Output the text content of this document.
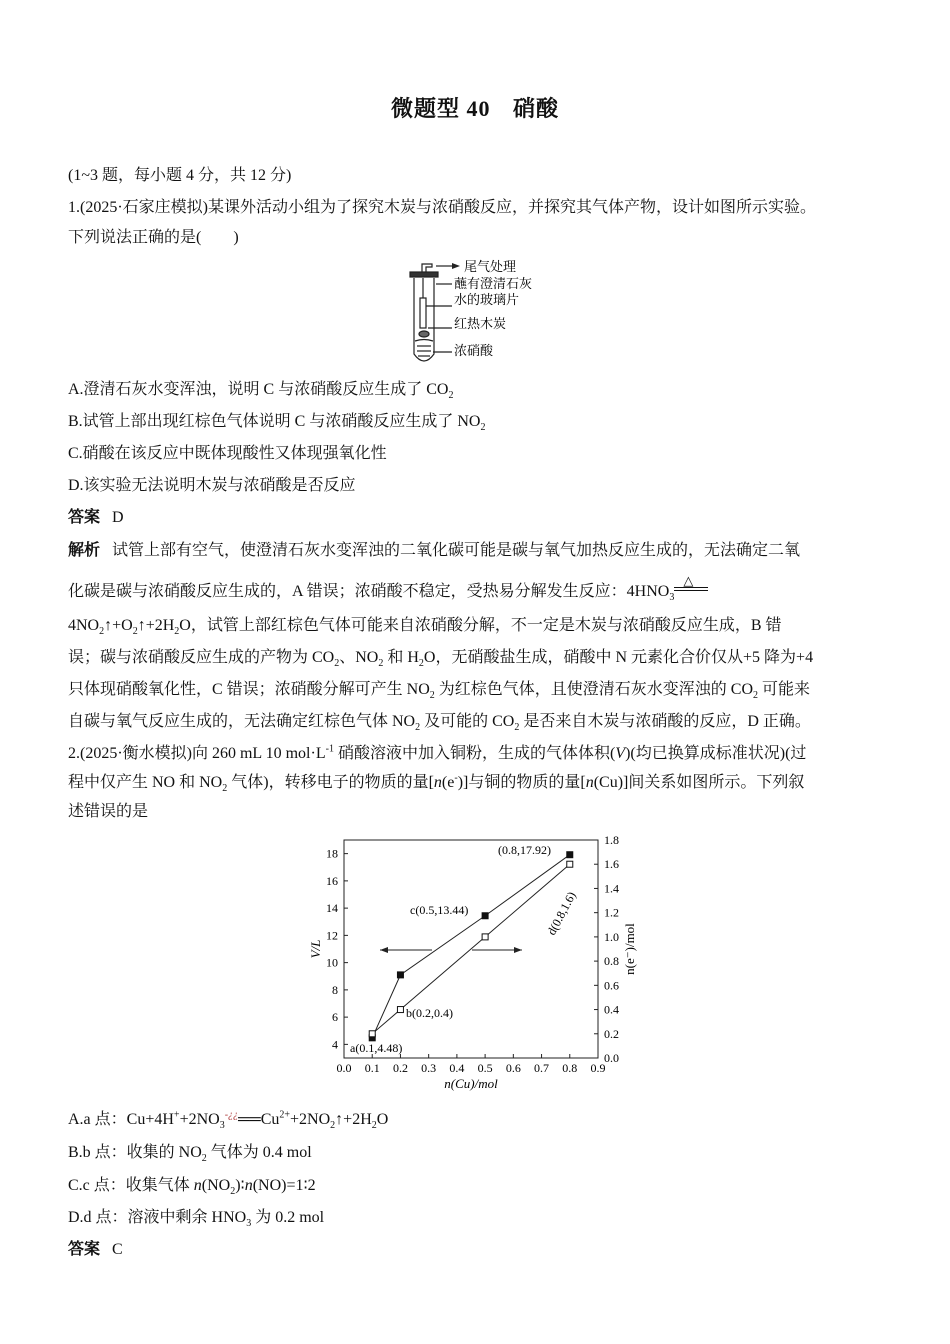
微题型 40 硝酸
(1~3 题，每小题 4 分，共 12 分)
1.(2025·石家庄模拟)某课外活动小组为了探究木炭与浓硝酸反应，并探究其气体产物，设计如图所示实验。
下列说法正确的是(　　)
尾气处理
蘸有澄清石灰
水的玻璃片
红热木炭
浓硝酸
A.澄清石灰水变浑浊，说明 C 与浓硝酸反应生成了 $CO_2$
B.试管上部出现红棕色气体说明 C 与浓硝酸反应生成了 $NO_2$
C.硝酸在该反应中既体现酸性又体现强氧化性
D.该实验无法说明木炭与浓硝酸是否反应
答案 D
解析 试管上部有空气，使澄清石灰水变浑浊的二氧化碳可能是碳与氧气加热反应生成的，无法确定二氧
化碳是碳与浓硝酸反应生成的，A 错误；浓硝酸不稳定，受热易分解发生反应：$4HNO_3$
△
$4NO_2↑+O_2↑+2H_2O$，试管上部红棕色气体可能来自浓硝酸分解，不一定是木炭与浓硝酸反应生成，B 错
误；碳与浓硝酸反应生成的产物为 $CO_2$、$NO_2$ 和 $H_2O$，无硝酸盐生成，硝酸中 N 元素化合价仅从+5 降为+4
只体现硝酸氧化性，C 错误；浓硝酸分解可产生 $NO_2$ 为红棕色气体，且使澄清石灰水变浑浊的 $CO_2$ 可能来
自碳与氧气反应生成的，无法确定红棕色气体 $NO_2$ 及可能的 $CO_2$ 是否来自木炭与浓硝酸的反应，D 正确。
2.(2025·衡水模拟)向 260 mL 10 $mol\cdot L^{-1}$ 硝酸溶液中加入铜粉，生成的气体体积(V)(均已换算成标准状况)(过
程中仅产生 NO 和 $NO_2$ 气体)，转移电子的物质的量[n(e-)]与铜的物质的量[n(Cu)]间关系如图所示。下列叙
述错误的是
0.0 0.1 0.2 0.3 0.4 0.5 0.6 0.7 0.8 0.9
4
6
8
10
12
14
16
18
0.0
0.2
0.4
0.6
0.8
1.0
1.2
1.4
1.6
1.8
n(Cu)/mol
V/L	n(e⁻)/mol
a(0.1,4.48)
b(0.2,0.4)
c(0.5,13.44)
(0.8,17.92)
d(0.8,1.6)
A.a 点：$Cu+4H^++2NO_3^{-¿¿}══Cu^{2+}+2NO_2↑+2H_2O$
B.b 点：收集的 $NO_2$ 气体为 0.4 mol
C.c 点：收集气体 $n(NO_2)∶n(NO)=1∶2$
D.d 点：溶液中剩余 $HNO_3$ 为 0.2 mol
答案 C
